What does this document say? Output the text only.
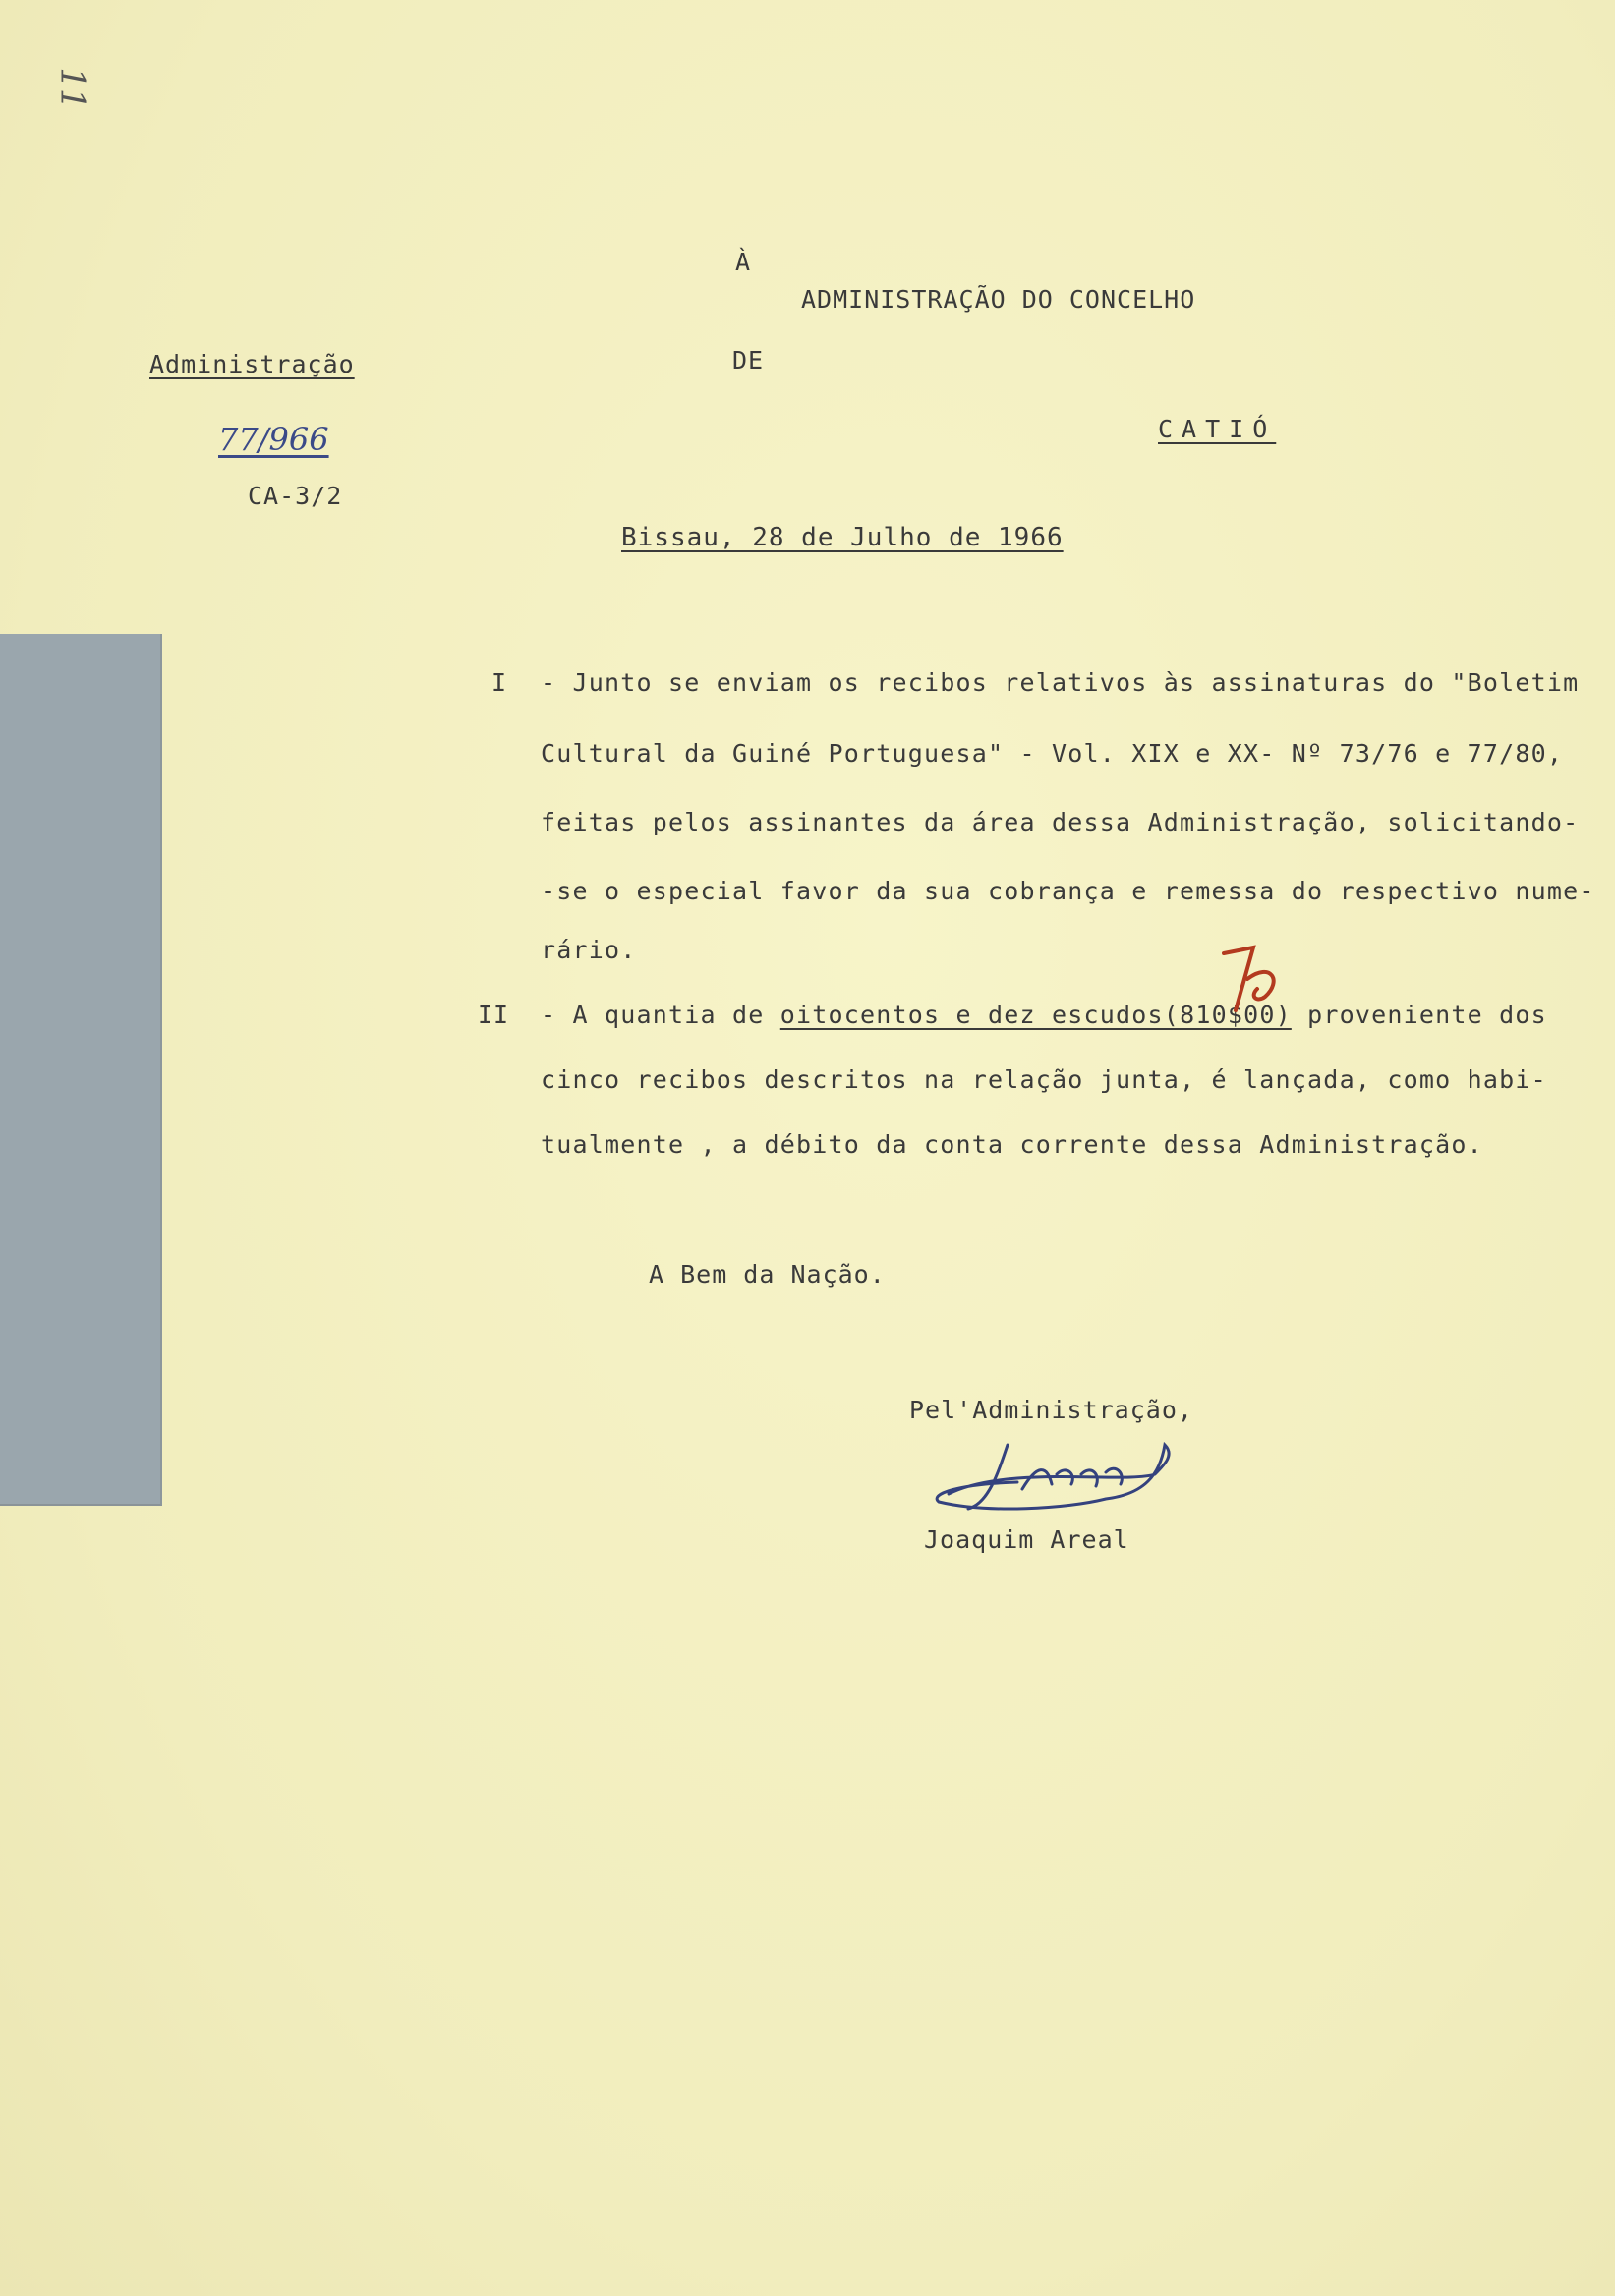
11
À
ADMINISTRAÇÃO DO CONCELHO
DE
CATIÓ
Administração
77/966
CA-3/2
Bissau, 28 de Julho de 1966
I - Junto se enviam os recibos relativos às assinaturas do "Boletim
Cultural da Guiné Portuguesa" - Vol. XIX e XX- Nº 73/76 e 77/80,
feitas pelos assinantes da área dessa Administração, solicitando-
-se o especial favor da sua cobrança e remessa do respectivo nume-
rário.
II - A quantia de oitocentos e dez escudos(810$00) proveniente dos
cinco recibos descritos na relação junta, é lançada, como habi-
tualmente , a débito da conta corrente dessa Administração.
A Bem da Nação.
Pel'Administração,
Joaquim Areal
